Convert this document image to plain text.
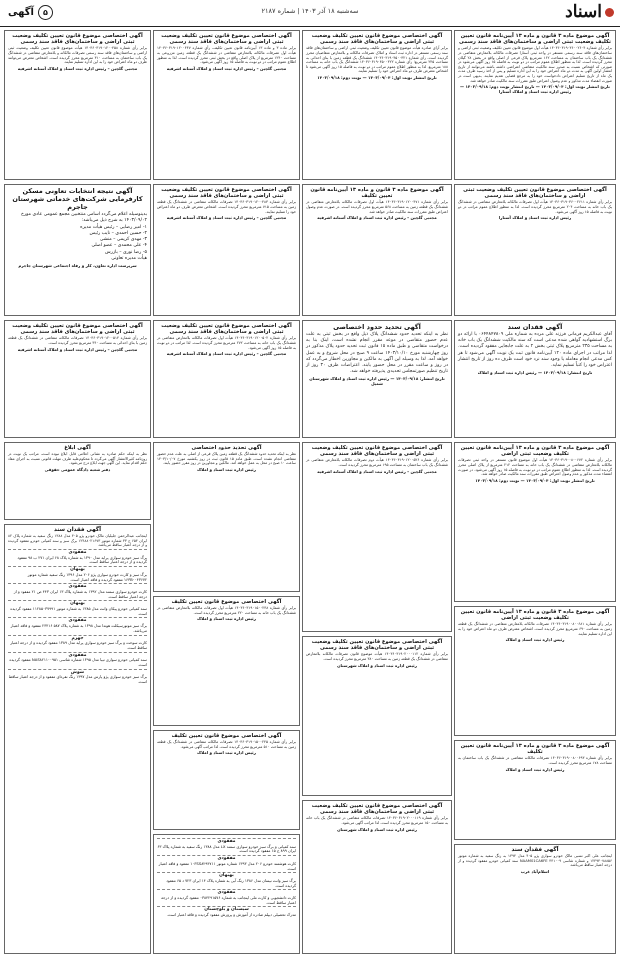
اسناد
سه‌شنبه ۱۸ آذر ۱۴۰۳ | شماره ۲۱۸۷
۵آگهی
آگهی موضوع ماده ۳ قانون و ماده ۱۳ آیین‌نامه قانون تعیین تکلیف وضعیت ثبتی اراضی و ساختمان‌های فاقد سند رسمی
برابر رأی شماره ۱۴۰۳۶۰۳۱۹۰۳۶۰۰۲۶۰۴ هیأت اول موضوع قانون تعیین تکلیف وضعیت ثبتی اراضی و ساختمان‌های فاقد سند رسمی مستقر در واحد ثبتی آستارا تصرفات مالکانه بلامعارض متقاضی در ششدانگ یک باب ساختمان به مساحت ۱۶۲ مترمربع پلاک فرعی از اصلی واقع در بخش ۲۸ گیلان محرز گردیده است. لذا به منظور اطلاع عموم مراتب در دو نوبت به فاصله ۱۵ روز آگهی می‌شود در صورتی که اشخاص نسبت به صدور سند مالکیت متقاضی اعتراضی داشته باشند می‌توانند از تاریخ انتشار اولین آگهی به مدت دو ماه اعتراض خود را به این اداره تسلیم و پس از اخذ رسید ظرف مدت یک ماه از تاریخ تسلیم اعتراض دادخواست خود را به مرجع قضایی تقدیم نمایند. بدیهی است در صورت انقضاء مدت مذکور و عدم وصول اعتراض طبق مقررات سند مالکیت صادر خواهد شد.
تاریخ انتشار نوبت اول: ۱۴۰۳/۰۹/۰۴ — تاریخ انتشار نوبت دوم: ۱۴۰۳/۰۹/۱۸ — رئیس اداره ثبت اسناد و املاک آستارا
آگهی اختصاصی موضوع قانون تعیین تکلیف وضعیت ثبتی اراضی و ساختمان‌های فاقد سند رسمی
برابر آرای صادره هیأت موضوع قانون تعیین تکلیف وضعیت ثبتی اراضی و ساختمان‌های فاقد سند رسمی مستقر در اداره ثبت اسناد و املاک تصرفات مالکانه و بلامعارض متقاضیان محرز گردیده است. رأی شماره ۱۴۰۳۶۰۳۱۹۰۴۵۰۰۳۲۱ ششدانگ یک قطعه زمین با بنای احداثی به مساحت ۲۴۵ مترمربع؛ رأی شماره ۱۴۰۳۶۰۳۱۹۰۴۵۰۰۳۲۲ ششدانگ یک باب خانه به مساحت ۱۸۸ مترمربع. لذا به منظور اطلاع عموم مراتب در دو نوبت به فاصله ۱۵ روز آگهی می‌شود تا اشخاص معترض ظرف دو ماه اعتراض خود را تسلیم نمایند.
تاریخ انتشار نوبت اول: ۱۴۰۳/۰۹/۰۴ — نوبت دوم: ۱۴۰۳/۰۹/۱۸
آگهی اختصاصی موضوع قانون تعیین تکلیف وضعیت ثبتی اراضی و ساختمان‌های فاقد سند رسمی
برابر ماده ۳ و ماده ۱۳ آیین‌نامه قانون تعیین تکلیف، رأی شماره ۱۴۰۳۶۰۳۱۹۰۱۲۰۰۴۴۷ هیأت اول تصرفات مالکانه بلامعارض متقاضی در ششدانگ یک قطعه زمین مزروعی به مساحت ۱۲۴۰ مترمربع از پلاک اصلی واقع در بخش ثبتی محرز گردیده است. لذا به منظور اطلاع عموم مراتب در دو نوبت به فاصله ۱۵ روز آگهی می‌شود.
مجتبی گلچین – رئیس اداره ثبت اسناد و املاک آستانه اشرفیه
آگهی اختصاصی موضوع قانون تعیین تکلیف وضعیت ثبتی اراضی و ساختمان‌های فاقد سند رسمی
برابر رأی شماره ۱۴۰۳۶۰۳۱۹۰۱۲۰۰۴۵۸ هیأت موضوع قانون تعیین تکلیف وضعیت ثبتی اراضی و ساختمان‌های فاقد سند رسمی تصرفات مالکانه و بلامعارض متقاضی در ششدانگ یک باب ساختمان به مساحت ۳۱۰ مترمربع محرز گردیده است. اشخاص معترض می‌توانند ظرف دو ماه اعتراض خود را به این اداره تسلیم نمایند.
مجتبی گلچین – رئیس اداره ثبت اسناد و املاک آستانه اشرفیه
آگهی اختصاصی موضوع قانون تعیین تکلیف وضعیت ثبتی اراضی و ساختمان‌های فاقد سند رسمی
برابر رأی شماره ۱۴۰۳۶۰۳۱۹۰۳۶۰۰۲۶۱۱ هیأت اول تصرفات مالکانه بلامعارض متقاضی در ششدانگ یک باب خانه به مساحت ۲۰۴ مترمربع محرز گردیده است. لذا به منظور اطلاع عموم مراتب در دو نوبت به فاصله ۱۵ روز آگهی می‌شود.
رئیس اداره ثبت اسناد و املاک آستارا
آگهی موضوع ماده ۳ قانون و ماده ۱۳ آیین‌نامه قانون تعیین تکلیف
برابر رأی شماره ۱۴۰۳۶۰۳۱۹۰۱۲۰۰۴۷۱ هیأت اول تصرفات مالکانه بلامعارض متقاضی در ششدانگ یک قطعه زمین به مساحت ۵۶۸ مترمربع محرز گردیده است. در صورت عدم وصول اعتراض طبق مقررات سند مالکیت صادر خواهد شد.
مجتبی گلچین – رئیس اداره ثبت اسناد و املاک آستانه اشرفیه
آگهی اختصاصی موضوع قانون تعیین تکلیف وضعیت ثبتی اراضی و ساختمان‌های فاقد سند رسمی
برابر رأی شماره ۱۴۰۳۶۰۳۱۹۰۱۲۰۰۴۸۳ تصرفات مالکانه متقاضی در ششدانگ یک قطعه زمین به مساحت ۷۱۵ مترمربع محرز گردیده است. اشخاص معترض ظرف دو ماه اعتراض خود را تسلیم نمایند.
مجتبی گلچین – رئیس اداره ثبت اسناد و املاک آستانه اشرفیه
آگهی نتیجه انتخابات تعاونی مسکن کارفرمایی شرکت‌های خدماتی شهرستان جاجرم
بدینوسیله اعلام می‌گردد اسامی منتخبین مجمع عمومی عادی مورخ ۱۴۰۳/۰۹/۰۲ به شرح ذیل می‌باشد:
۱- امیر رضایی – رئیس هیأت مدیره
۲- حسین احمدی – نایب رئیس
۳- مهدی کریمی – منشی
۴- علی محمدی – عضو اصلی
۵- رضا نوری – بازرس
هیأت مدیره تعاونی
سرپرست اداره تعاون، کار و رفاه اجتماعی شهرستان جاجرم
آگهی فقدان سند
آقای عبدالکریم فرمانی فرزند علی مرده به شماره ملی ۰۶۴۴۸۴۷۸۰۹ با ارائه دو برگ استشهادیه گواهی شده مدعی است که سند مالکیت ششدانگ یک باب خانه به مساحت ۲۳۵ مترمربع پلاک ثبتی بخش ۲ به علت جابجایی مفقود گردیده است. لذا مراتب در اجرای ماده ۱۲۰ آیین‌نامه قانون ثبت یک نوبت آگهی می‌شود تا هر کس مدعی انجام معامله یا وجود سند نزد خود است ظرف ده روز از تاریخ انتشار اعتراض خود را کتباً تسلیم نماید.
تاریخ انتشار: ۱۴۰۳/۰۹/۱۸ — رئیس اداره ثبت اسناد و املاک
آگهی تحدید حدود اختصاصی
نظر به اینکه تحدید حدود ششدانگ پلاک ذیل واقع در بخش ثبتی به علت عدم حضور متقاضی در موعد مقرر انجام نشده است، اینک بنا به درخواست متقاضی و طبق ماده ۱۵ قانون ثبت تحدید حدود پلاک مذکور در روز چهارشنبه مورخ ۱۴۰۳/۱۰/۱۰ ساعت ۹ صبح در محل شروع و به عمل خواهد آمد. لذا به وسیله این آگهی به مالکین و مجاورین اخطار می‌گردد که در روز و ساعت مقرر در محل حضور یابند. اعتراضات ظرف ۳۰ روز از تاریخ تنظیم صورتمجلس تحدیدی پذیرفته خواهد شد.
تاریخ انتشار: ۱۴۰۳/۰۹/۱۸ — رئیس اداره ثبت اسناد و املاک شهرستان شمیل
آگهی اختصاصی موضوع قانون تعیین تکلیف وضعیت ثبتی اراضی و ساختمان‌های فاقد سند رسمی
برابر رأی شماره ۱۴۰۳۶۰۳۱۹۰۱۲۰۰۵۰۲ هیأت اول تصرفات مالکانه بلامعارض متقاضی در ششدانگ یک باب خانه به مساحت ۲۷۲ مترمربع محرز گردیده است. لذا مراتب در دو نوبت به فاصله ۱۵ روز آگهی می‌شود.
مجتبی گلچین – رئیس اداره ثبت اسناد و املاک آستانه اشرفیه
آگهی اختصاصی موضوع قانون تعیین تکلیف وضعیت ثبتی اراضی و ساختمان‌های فاقد سند رسمی
برابر رأی شماره ۱۴۰۳۶۰۳۱۹۰۱۲۰۰۵۱۴ تصرفات مالکانه متقاضی در ششدانگ یک قطعه زمین با بنای احداثی به مساحت ۴۴۰ مترمربع محرز گردیده است.
مجتبی گلچین – رئیس اداره ثبت اسناد و املاک آستانه اشرفیه
آگهی موضوع ماده ۳ قانون و ماده ۱۳ آیین‌نامه قانون تعیین تکلیف وضعیت ثبتی اراضی
برابر رأی شماره ۱۴۰۳۶۰۳۱۹۰۰۸۰۰۶۷۲ هیأت اول موضوع قانون مستقر در واحد ثبتی تصرفات مالکانه بلامعارض متقاضی در ششدانگ یک باب خانه به مساحت ۲۱۲ مترمربع از پلاک اصلی محرز گردیده است. لذا به منظور اطلاع عموم مراتب در دو نوبت به فاصله ۱۵ روز آگهی می‌شود. در صورت انقضاء مدت مذکور و عدم وصول اعتراض طبق مقررات سند مالکیت صادر خواهد شد.
تاریخ انتشار نوبت اول: ۱۴۰۳/۰۹/۰۴ — نوبت دوم: ۱۴۰۳/۰۹/۱۸
آگهی موضوع ماده ۳ قانون و ماده ۱۳ آیین‌نامه قانون تعیین تکلیف وضعیت ثبتی اراضی
برابر رأی شماره ۱۴۰۳۶۰۳۱۹۰۰۸۰۰۶۸۱ تصرفات مالکانه بلامعارض متقاضی در ششدانگ یک قطعه زمین به مساحت ۶۹۰ مترمربع محرز گردیده است. اشخاص معترض ظرف دو ماه اعتراض خود را به این اداره تسلیم نمایند.
رئیس اداره ثبت اسناد و املاک
آگهی موضوع ماده ۳ قانون و ماده ۱۳ آیین‌نامه قانون تعیین تکلیف
برابر رأی شماره ۱۴۰۳۶۰۳۱۹۰۰۸۰۰۶۹۳ تصرفات مالکانه متقاضی در ششدانگ یک باب ساختمان به مساحت ۱۷۸ مترمربع محرز گردیده است.
رئیس اداره ثبت اسناد و املاک
آگهی فقدان سند
اینجانب علی اکبر نسبی مالک خودرو سواری پژو ۴۰۵ مدل ۱۳۹۴ به رنگ سفید به شماره موتور ۱۲۴۹۴۰۷۸۸۵۶ و شماره شاسی NAAM01CA6FE ۴۴۱۰۰۹ سند کمپانی خودرو مفقود گردیده و از درجه اعتبار ساقط می‌باشد.
اسلام‌آباد غرب
آگهی اختصاصی موضوع قانون تعیین تکلیف وضعیت ثبتی اراضی و ساختمان‌های فاقد سند رسمی
برابر رأی شماره ۱۴۰۳۶۰۳۱۹۰۱۲۰۰۵۲۶ هیأت دوم تصرفات مالکانه بلامعارض متقاضی در ششدانگ یک باب ساختمان به مساحت ۱۹۵ مترمربع محرز گردیده است.
مجتبی گلچین – رئیس اداره ثبت اسناد و املاک آستانه اشرفیه
آگهی اختصاصی موضوع قانون تعیین تکلیف وضعیت ثبتی اراضی و ساختمان‌های فاقد سند رسمی
برابر رأی شماره ۱۴۰۳۶۰۳۱۹۰۲۰۰۰۱۱۲ هیأت موضوع قانون تصرفات مالکانه بلامعارض متقاضی در ششدانگ یک قطعه زمین به مساحت ۳۸۰ مترمربع محرز گردیده است.
رئیس اداره ثبت اسناد و املاک شهرستان
آگهی اختصاصی موضوع قانون تعیین تکلیف وضعیت ثبتی اراضی و ساختمان‌های فاقد سند رسمی
برابر رأی شماره ۱۴۰۳۶۰۳۱۹۰۲۰۰۰۱۱۹ تصرفات مالکانه متقاضی در ششدانگ یک باب خانه به مساحت ۱۵۰ مترمربع محرز گردیده است. لذا مراتب آگهی می‌شود.
رئیس اداره ثبت اسناد و املاک شهرستان
آگهی تحدید حدود اختصاصی
نظر به اینکه تحدید حدود ششدانگ یک قطعه زمین پلاک فرعی از اصلی به علت عدم حضور متقاضی انجام نشده است، طبق ماده ۱۵ قانون ثبت در روز یکشنبه مورخ ۱۴۰۳/۱۰/۰۷ ساعت ۱۰ صبح در محل به عمل خواهد آمد. مالکین و مجاورین در روز مقرر حضور یابند.
رئیس اداره ثبت اسناد و املاک
آگهی اختصاصی موضوع قانون تعیین تکلیف
برابر رأی شماره ۱۴۰۳۶۰۳۱۹۰۱۵۰۰۲۳۸ هیأت اول تصرفات مالکانه بلامعارض متقاضی در ششدانگ یک باب خانه به مساحت ۲۲۰ مترمربع محرز گردیده است.
رئیس اداره ثبت اسناد و املاک
آگهی اختصاصی موضوع قانون تعیین تکلیف
برابر رأی شماره ۱۴۰۳۶۰۳۱۹۰۱۵۰۰۲۴۵ تصرفات مالکانه متقاضی در ششدانگ یک قطعه زمین به مساحت ۵۱۰ مترمربع محرز گردیده است. لذا مراتب آگهی می‌شود.
رئیس اداره ثبت اسناد و املاک
مفقودی
سند کمپانی و برگ سبز خودرو سواری سمند LX مدل ۱۳۸۸ رنگ سفید به شماره پلاک ۶۳ ایران ۸۹۹ ج ۱۵ مفقود گردیده است.
مفقودی
کارت هوشمند خودرو ۲۰۶ مدل ۱۳۹۳ شماره موتور ۱۰FSS۸۲۹۴۷۱۱ مفقود و فاقد اعتبار است.
بهبهان
برگ سبز وانت نیسان مدل ۱۳۸۶ رنگ آبی به شماره پلاک ۱۴ ایران ۷۲۳ د ۶۵ مفقود گردیده است.
مفقودی
کارت دانشجویی و کارت ملی اینجانب به شماره ۰۳۸۴۲۹۱۵۷۶ مفقود گردیده و از درجه اعتبار ساقط است.
سیستان و بلوچستان
مدرک تحصیلی دیپلم صادره از آموزش و پرورش مفقود گردیده و فاقد اعتبار است.
آگهی ابلاغ
نظر به اینکه حکم صادره به نشانی اعلامی قابل ابلاغ نبوده است، مراتب یک نوبت در روزنامه کثیرالانتشار آگهی می‌گردد تا محکوم‌علیه ظرف مهلت قانونی نسبت به اجرای مفاد حکم اقدام نماید. این آگهی جهت ابلاغ درج می‌شود.
دفتر شعبه دادگاه عمومی حقوقی
آگهی فقدان سند
اینجانب عبدالرحمن جلیلیان مالک خودرو پژو ۴۰۵ مدل ۱۳۸۸ رنگ سفید به شماره پلاک ۸۲ ایران ۶۵۴ ج ۳۳ شماره موتور ۱۲۴۸۸۰۲۱۶۷۳ برگ سبز و سند کمپانی خودرو مفقود گردیده و از درجه اعتبار ساقط می‌باشد.
مفقودی
برگ سبز خودرو سواری پراید مدل ۱۳۹۰ به شماره پلاک ۶۸ ایران ۲۷۱ ب ۹۸ مفقود گردیده و از درجه اعتبار ساقط است.
بهبهان
برگ سبز و کارت خودرو سواری پژو ۲۰۶ مدل ۱۳۹۶ رنگ سفید شماره موتور ۱۶۳B۰۰۴۳۶۷۲ مفقود گردیده و فاقد اعتبار است.
مفقودی
کارت خودرو سواری سمند مدل ۱۳۹۲ به شماره پلاک ۱۳ ایران ۴۴۳ ص ۲۱ مفقود و از درجه اعتبار ساقط است.
بهبهان
سند کمپانی خودرو پیکان وانت مدل ۱۳۸۵ به شماره موتور ۱۱۲۸۵۰۳۷۹۹۱ مفقود گردیده است.
مفقودی
برگ سبز موتورسیکلت هوندا مدل ۱۳۹۸ به شماره پلاک ۵۸۷ ۲۳۴۱۶ مفقود و فاقد اعتبار می‌باشد.
جهرم
کارت سوخت و برگ سبز خودرو سواری پراید مدل ۱۳۸۹ مفقود گردیده و از درجه اعتبار ساقط است.
مفقودی
سند کمپانی خودرو سواری تیبا مدل ۱۳۹۵ شماره شاسی NAS۸۲۱۱۰۰۹۵۱ مفقود گردیده است.
شوش
برگ سبز خودرو سواری پژو پارس مدل ۱۳۹۷ رنگ نقره‌ای مفقود و از درجه اعتبار ساقط است.
